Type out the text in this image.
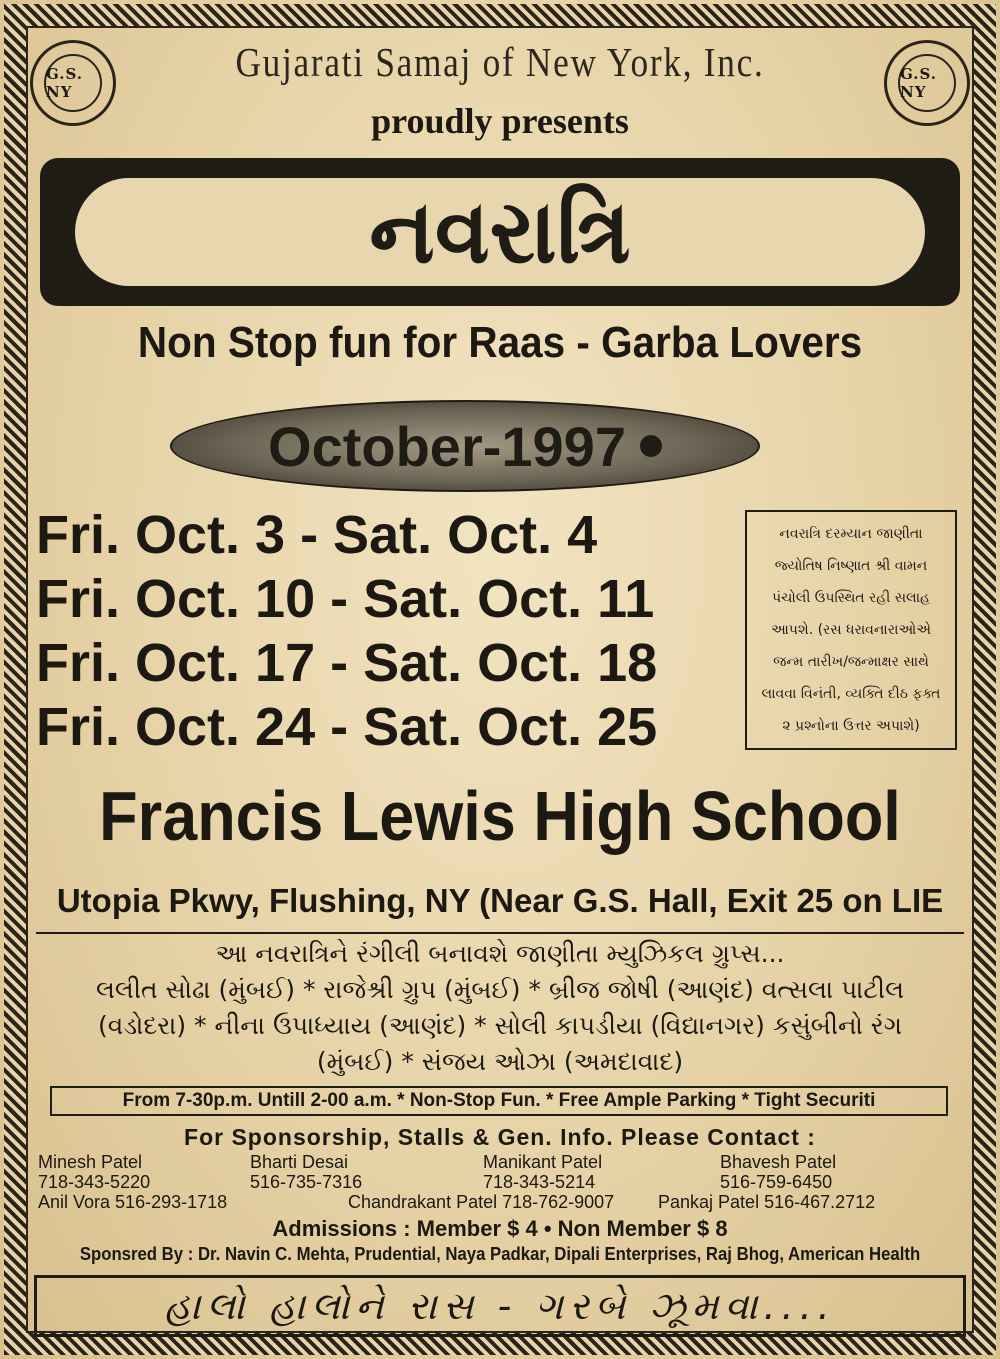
G.S. NY
G.S. NY
Gujarati Samaj of New York, Inc.
proudly presents
નવરાત્રિ
Non Stop fun for Raas - Garba Lovers
October-1997
Fri. Oct. 3 - Sat. Oct. 4
Fri. Oct. 10 - Sat. Oct. 11
Fri. Oct. 17 - Sat. Oct. 18
Fri. Oct. 24 - Sat. Oct. 25
નવરાત્રિ દરમ્યાન જાણીતા
જ્યોતિષ નિષ્ણાત શ્રી વામન
પંચોલી ઉપસ્થિત રહી સલાહ
આપશે. (રસ ધરાવનારાઓએ
જન્મ તારીખ/જન્માક્ષર સાથે
લાવવા વિનંતી, વ્યક્તિ દીઠ ફક્ત
૨ પ્રશ્નોના ઉત્તર અપાશે)
Francis Lewis High School
Utopia Pkwy, Flushing, NY (Near G.S. Hall, Exit 25 on LIE
આ નવરાત્રિને રંગીલી બનાવશે જાણીતા મ્યુઝિકલ ગ્રુપ્સ...
લલીત સોઢા (મુંબઈ) * રાજેશ્રી ગ્રુપ (મુંબઈ) * બ્રીજ જોષી (આણંદ) વત્સલા પાટીલ
(વડોદરા) * નીના ઉપાધ્યાય (આણંદ) * સોલી કાપડીયા (વિદ્યાનગર) કસુંબીનો રંગ
(મુંબઈ) * સંજય ઓઝા (અમદાવાદ)
From 7-30p.m. Untill 2-00 a.m. * Non-Stop Fun. * Free Ample Parking * Tight Securiti
For Sponsorship, Stalls & Gen. Info. Please Contact :
Minesh Patel
718-343-5220
Bharti Desai
516-735-7316
Manikant Patel
718-343-5214
Bhavesh Patel
516-759-6450
Anil Vora 516-293-1718	Chandrakant Patel 718-762-9007 Pankaj Patel 516-467.2712
Admissions : Member $ 4 • Non Member $ 8
Sponsred By : Dr. Navin C. Mehta, Prudential, Naya Padkar, Dipali Enterprises, Raj Bhog, American Health
હાલો હાલોને રાસ - ગરબે ઝૂમવા....
